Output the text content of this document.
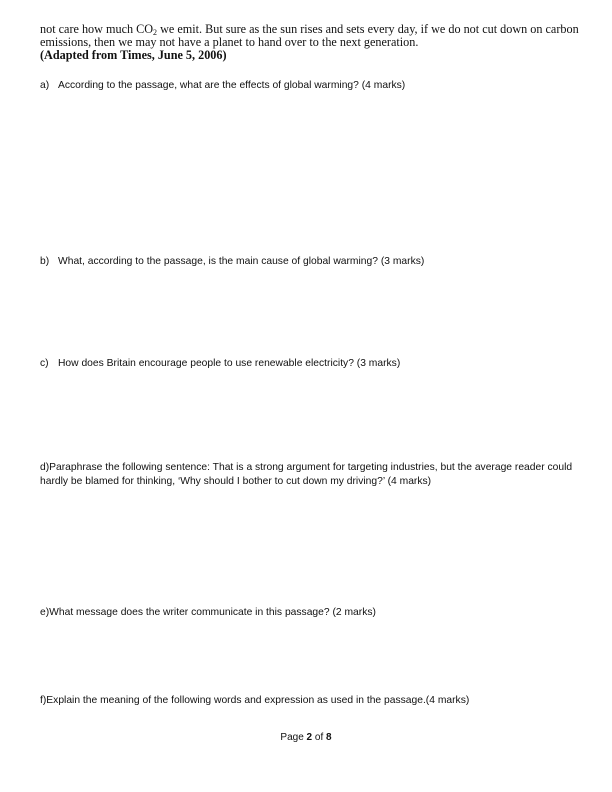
not care how much $CO_2$ we emit. But sure as the sun rises and sets every day, if we do not cut down on carbon

emissions, then we may not have a planet to hand over to the next generation.

(Adapted from Times, June 5, 2006)

a) According to the passage, what are the effects of global warming? (4 marks)
b) What, according to the passage, is the main cause of global warming? (3 marks)
c) How does Britain encourage people to use renewable electricity? (3 marks)
d)Paraphrase the following sentence: That is a strong argument for targeting industries, but the average reader could hardly be blamed for thinking, ‘Why should I bother to cut down my driving?’ (4 marks)
e)What message does the writer communicate in this passage? (2 marks)
f)Explain the meaning of the following words and expression as used in the passage.(4 marks)
Page 2 of 8
